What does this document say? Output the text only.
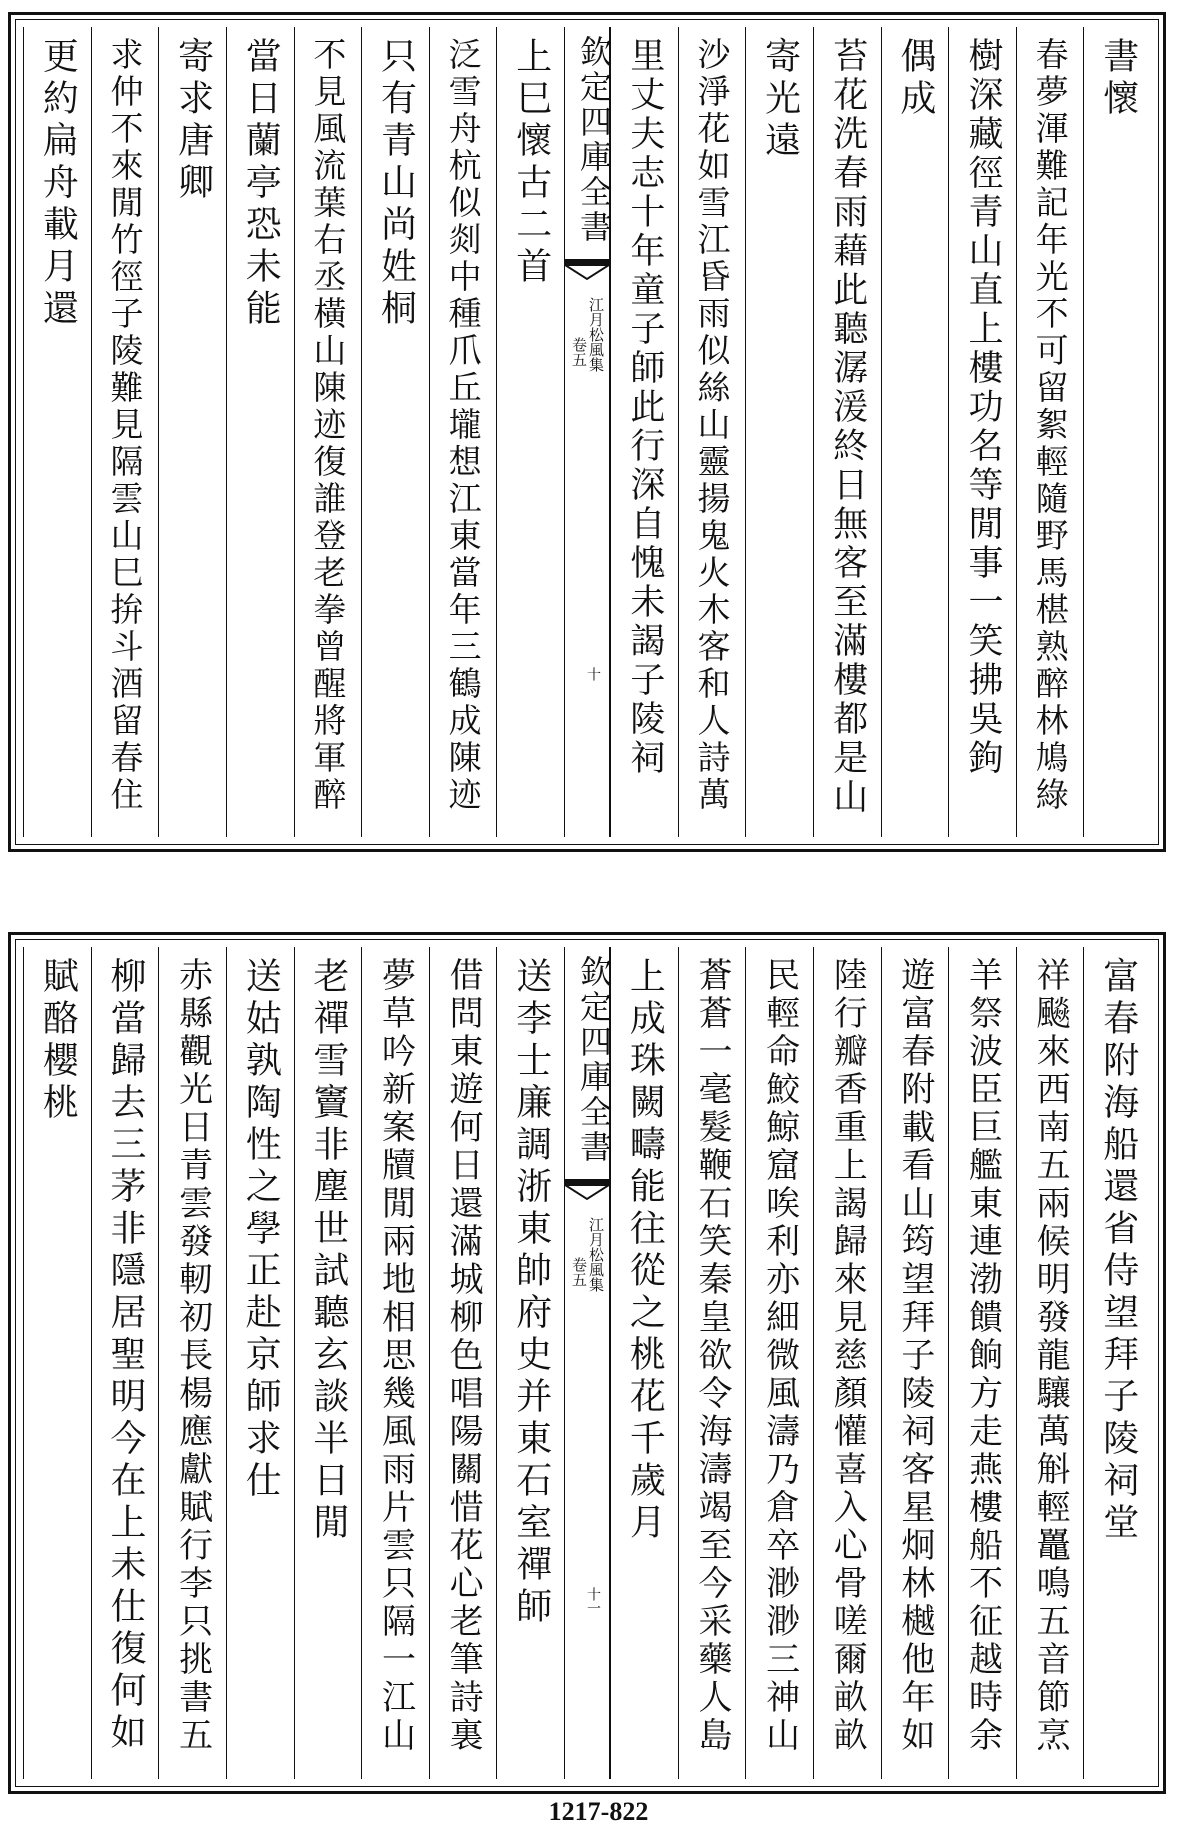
書懷
春夢渾難記年光不可留絮輕隨野馬椹熟醉林鳩綠
樹深藏徑青山直上樓功名等閒事一笑拂吳鉤
偶成
苔花洗春雨藉此聽潺湲終日無客至滿樓都是山
寄光遠
沙淨花如雪江昏雨似絲山靈揚鬼火木客和人詩萬
里丈夫志十年童子師此行深自愧未謁子陵祠
欽定四庫全書
江月松風集
卷五
十
上巳懷古二首
泛雪舟杭似剡中種爪丘壠想江東當年三鶴成陳迹
只有青山尚姓桐
不見風流葉右丞橫山陳迹復誰登老拳曾醒將軍醉
當日蘭亭恐未能
寄求唐卿
求仲不來閒竹徑子陵難見隔雲山巳拚斗酒留春住
更約扁舟載月還
富春附海船還省侍望拜子陵祠堂
祥飈來西南五兩候明發龍驤萬斛輕鼉鳴五音節烹
羊祭波臣巨艦東連渤饋餉方走燕樓船不征越時余
遊富春附載看山筠望拜子陵祠客星炯林樾他年如
陸行瓣香重上謁歸來見慈顏懽喜入心骨嗟爾畝畝
民輕命鮫鯨窟唉利亦細微風濤乃倉卒渺渺三神山
蒼蒼一毫髮鞭石笑秦皇欲令海濤竭至今采藥人島
上成珠闕疇能往從之桃花千歲月
欽定四庫全書
江月松風集
卷五
十一
送李士廉調浙東帥府史并東石室禪師
借問東遊何日還滿城柳色唱陽關惜花心老筆詩裏
夢草吟新案牘閒兩地相思幾風雨片雲只隔一江山
老禪雪竇非塵世試聽玄談半日閒
送姑孰陶性之學正赴京師求仕
赤縣觀光日青雲發軔初長楊應獻賦行李只挑書五
柳當歸去三茅非隱居聖明今在上未仕復何如
賦酪櫻桃
1217-822
